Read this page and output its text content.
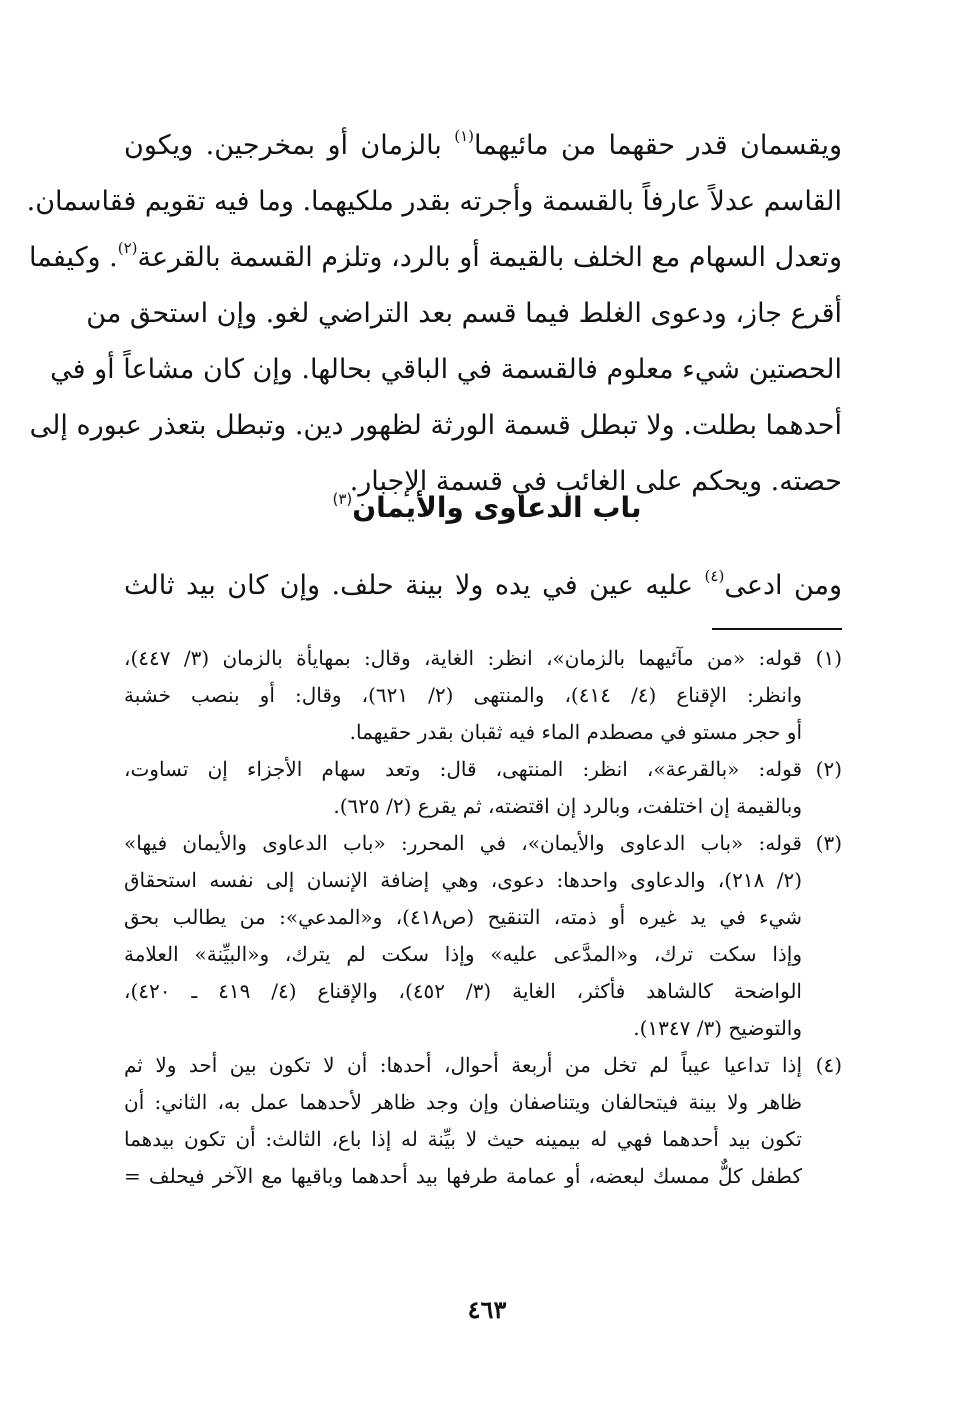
ويقسمان قدر حقهما من مائيهما$^{(١)}$ بالزمان أو بمخرجين. ويكون
القاسم عدلاً عارفاً بالقسمة وأجرته بقدر ملكيهما. وما فيه تقويم فقاسمان.
وتعدل السهام مع الخلف بالقيمة أو بالرد، وتلزم القسمة بالقرعة$^{(٢)}$. وكيفما
أقرع جاز، ودعوى الغلط فيما قسم بعد التراضي لغو. وإن استحق من
الحصتين شيء معلوم فالقسمة في الباقي بحالها. وإن كان مشاعاً أو في
أحدهما بطلت. ولا تبطل قسمة الورثة لظهور دين. وتبطل بتعذر عبوره إلى
حصته. ويحكم على الغائب في قسمة الإجبار.
باب الدعاوى والأيمان$^{(٣)}$
ومن ادعى$^{(٤)}$ عليه عين في يده ولا بينة حلف. وإن كان بيد ثالث
(١)
قوله: «من مآئيهما بالزمان»، انظر: الغاية، وقال: بمهايأة بالزمان (٣/ ٤٤٧)،
وانظر: الإقناع (٤/ ٤١٤)، والمنتهى (٢/ ٦٢١)، وقال: أو بنصب خشبة
أو حجر مستو في مصطدم الماء فيه ثقبان بقدر حقيهما.
(٢)
قوله: «بالقرعة»، انظر: المنتهى، قال: وتعد سهام الأجزاء إن تساوت،
وبالقيمة إن اختلفت، وبالرد إن اقتضته، ثم يقرع (٢/ ٦٢٥).
(٣)
قوله: «باب الدعاوى والأيمان»، في المحرر: «باب الدعاوى والأيمان فيها»
(٢/ ٢١٨)، والدعاوى واحدها: دعوى، وهي إضافة الإنسان إلى نفسه استحقاق
شيء في يد غيره أو ذمته، التنقيح (ص٤١٨)، و«المدعي»: من يطالب بحق
وإذا سكت ترك، و«المدَّعى عليه» وإذا سكت لم يترك، و«البيِّنة» العلامة
الواضحة كالشاهد فأكثر، الغاية (٣/ ٤٥٢)، والإقناع (٤/ ٤١٩ ـ ٤٢٠)،
والتوضيح (٣/ ١٣٤٧).
(٤)
إذا تداعيا عيباً لم تخل من أربعة أحوال، أحدها: أن لا تكون بين أحد ولا ثم
ظاهر ولا بينة فيتحالفان ويتناصفان وإن وجد ظاهر لأحدهما عمل به، الثاني: أن
تكون بيد أحدهما فهي له بيمينه حيث لا بيِّنة له إذا باع، الثالث: أن تكون بيدهما
كطفل كلٌّ ممسك لبعضه، أو عمامة طرفها بيد أحدهما وباقيها مع الآخر فيحلف =
٤٦٣
